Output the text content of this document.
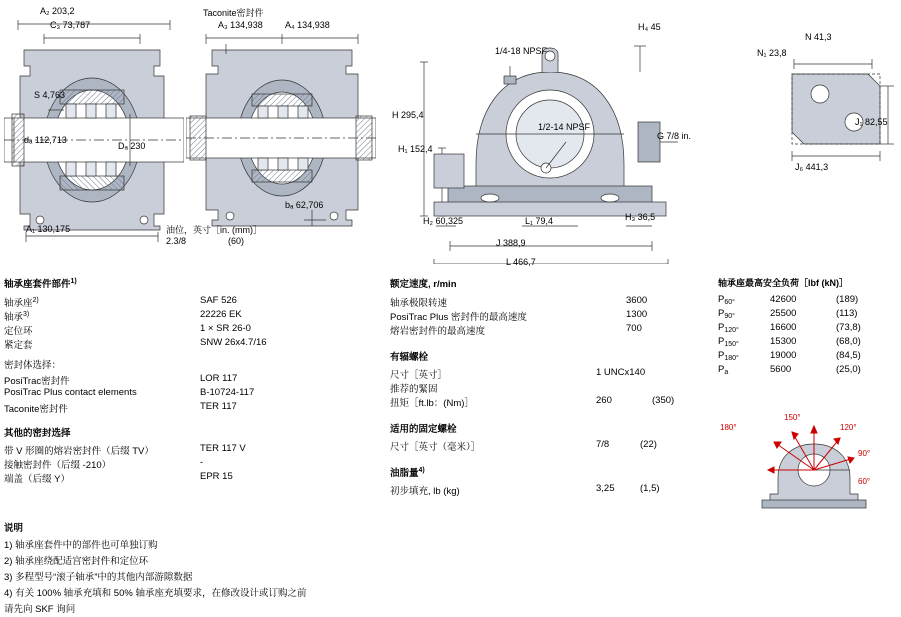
A₂ 203,2
C₃ 73,787
S 4,763
dₐ 112,713
Dₐ 230
A₁ 130,175
Taconite密封件
A₃ 134,938 A₄ 134,938
bₐ 62,706
油位，英寸［in. (mm)］
2.3/8	(60)
1/4-18 NPSF
1/2-14 NPSF
H 295,4
H₁ 152,4
H₂ 60,325	L₁ 79,4	H₃ 36,5
H₄ 45
G 7/8 in.
J 388,9
L 466,7
N₁ 23,8
N 41,3
J₁ 82,55
J₆ 441,3
轴承座套件部件$^{1)}$
轴承座$^{2)}$	SAF 526
轴承$^{3)}$	22226 EK
定位环	1 × SR 26-0
紧定套	SNW 26x4.7/16
密封体选择：
PosiTrac密封件	LOR 117
PosiTrac Plus contact elements	B-10724-117
Taconite密封件	TER 117
其他的密封选择
带 V 形圈的熔岩密封件（后缀 TV）	TER 117 V
接触密封件（后缀 -210）	-
端盖（后缀 Y）	EPR 15
额定速度, r/min
轴承极限转速	3600
PosiTrac Plus 密封件的最高速度	1300
熔岩密封件的最高速度	700
有辐螺栓
尺寸［英寸］	1 UNCx140
推荐的緊固
扭矩［ft.lb：(Nm)］	260	(350)
适用的固定螺栓
尺寸［英寸（毫米）］	7/8	(22)
油脂量$^{4)}$
初步填充, lb (kg)	3,25	(1,5)
轴承座最高安全负荷［lbf (kN)］
$P_{60^\circ}$	42600	(189)
$P_{90^\circ}$	25500	(113)
$P_{120^\circ}$	16600	(73,8)
$P_{150^\circ}$	15300	(68,0)
$P_{180^\circ}$	19000	(84,5)
$P_a$	5600	(25,0)
180°
150°
120°
90°
60°
说明
1) 轴承座套件中的部件也可单独订购
2) 轴承座绕配适宫密封件和定位环
3) 多程型号“滚子轴承”中的其他内部游隙数据
4) 有关 100% 轴承充填和 50% 轴承座充填要求，在修改设计或订购之前
请先向 SKF 询问
